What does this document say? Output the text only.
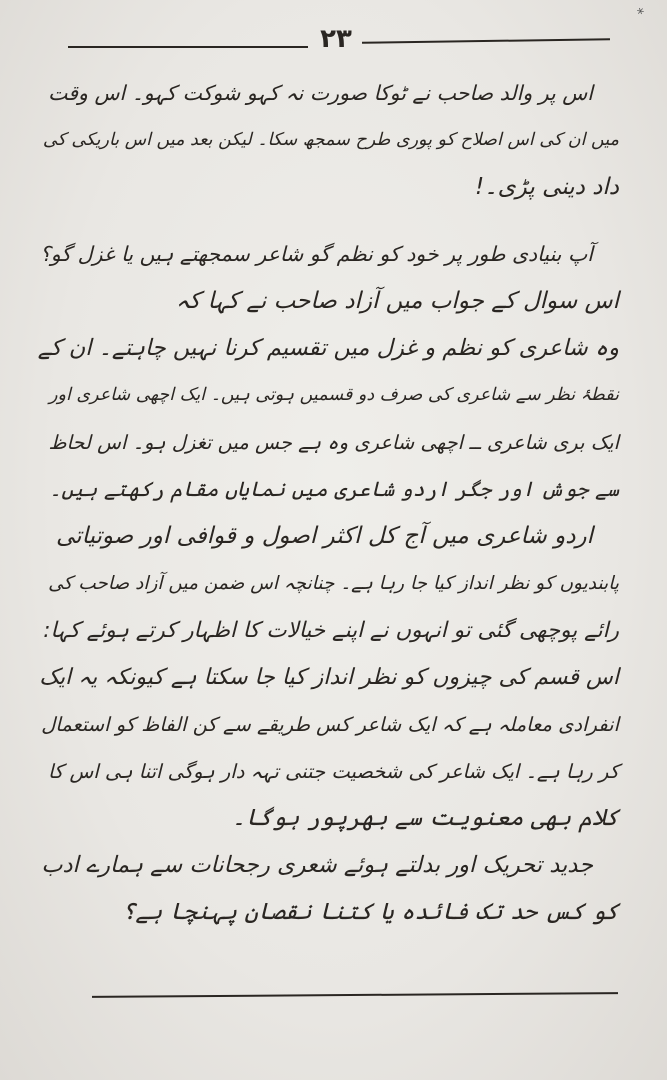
*
۲۳
اس پر والد صاحب نے ٹوکا صورت نہ کہو شوکت کہو۔ اس وقت
میں ان کی اس اصلاح کو پوری طرح سمجھ سکا۔ لیکن بعد میں اس باریکی کی
داد دینی پڑی۔!
آپ بنیادی طور پر خود کو نظم گو شاعر سمجھتے ہیں یا غزل گو؟
اس سوال کے جواب میں آزاد صاحب نے کہا کہ
وہ شاعری کو نظم و غزل میں تقسیم کرنا نہیں چاہتے۔ ان کے
نقطۂ نظر سے شاعری کی صرف دو قسمیں ہوتی ہیں۔ ایک اچھی شاعری اور
ایک بری شاعری ــ اچھی شاعری وہ ہے جس میں تغزل ہو۔ اس لحاظ
سے جوش اور جگر اردو شاعری میں نمایاں مقام رکھتے ہیں۔
اردو شاعری میں آج کل اکثر اصول و قوافی اور صوتیاتی
پابندیوں کو نظر انداز کیا جا رہا ہے۔ چنانچہ اس ضمن میں آزاد صاحب کی
رائے پوچھی گئی تو انہوں نے اپنے خیالات کا اظہار کرتے ہوئے کہا:
اس قسم کی چیزوں کو نظر انداز کیا جا سکتا ہے کیونکہ یہ ایک
انفرادی معاملہ ہے کہ ایک شاعر کس طریقے سے کن الفاظ کو استعمال
کر رہا ہے۔ ایک شاعر کی شخصیت جتنی تہہ دار ہوگی اتنا ہی اس کا
کلام بھی معنویت سے بھرپور ہوگا۔
جدید تحریک اور بدلتے ہوئے شعری رجحانات سے ہمارے ادب
کو کس حد تک فائدہ یا کتنا نقصان پہنچا ہے؟
